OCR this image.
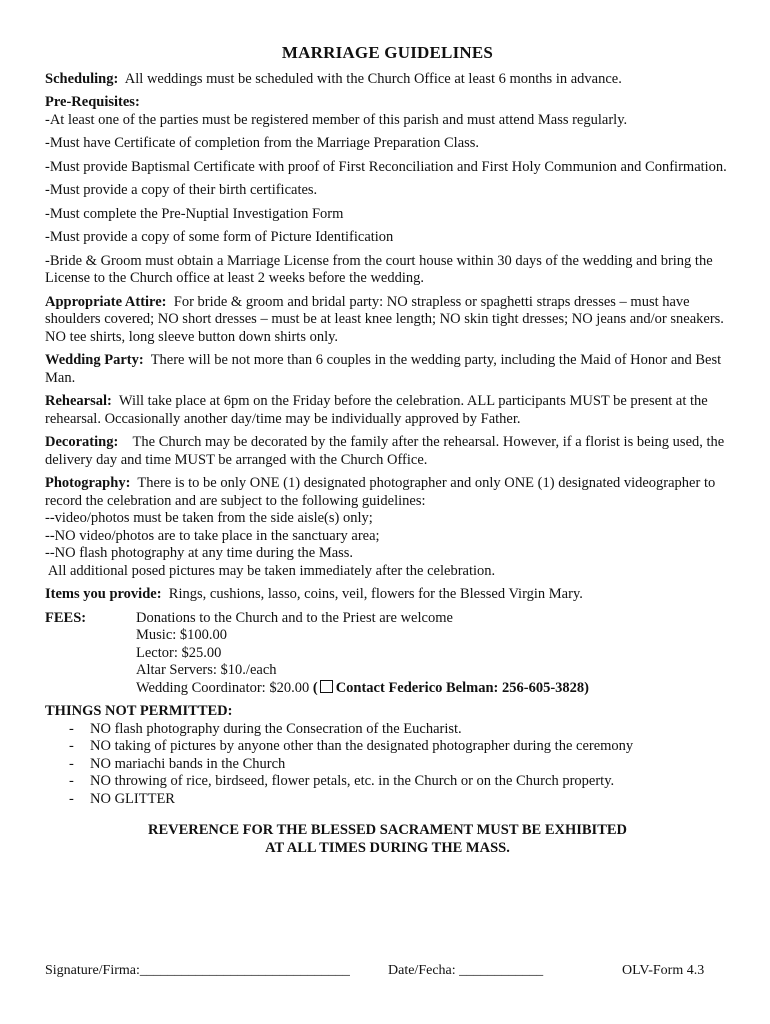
MARRIAGE GUIDELINES

Scheduling: All weddings must be scheduled with the Church Office at least 6 months in advance.

Pre-Requisites:
-At least one of the parties must be registered member of this parish and must attend Mass regularly.
-Must have Certificate of completion from the Marriage Preparation Class.
-Must provide Baptismal Certificate with proof of First Reconciliation and First Holy Communion and Confirmation.
-Must provide a copy of their birth certificates.
-Must complete the Pre-Nuptial Investigation Form
-Must provide a copy of some form of Picture Identification
-Bride & Groom must obtain a Marriage License from the court house within 30 days of the wedding and bring the License to the Church office at least 2 weeks before the wedding.

Appropriate Attire: For bride & groom and bridal party: NO strapless or spaghetti straps dresses – must have shoulders covered; NO short dresses – must be at least knee length; NO skin tight dresses; NO jeans and/or sneakers. NO tee shirts, long sleeve button down shirts only.

Wedding Party: There will be not more than 6 couples in the wedding party, including the Maid of Honor and Best Man.

Rehearsal: Will take place at 6pm on the Friday before the celebration. ALL participants MUST be present at the rehearsal. Occasionally another day/time may be individually approved by Father.

Decorating: The Church may be decorated by the family after the rehearsal. However, if a florist is being used, the delivery day and time MUST be arranged with the Church Office.

Photography: There is to be only ONE (1) designated photographer and only ONE (1) designated videographer to record the celebration and are subject to the following guidelines:
--video/photos must be taken from the side aisle(s) only;
--NO video/photos are to take place in the sanctuary area;
--NO flash photography at any time during the Mass.
All additional posed pictures may be taken immediately after the celebration.

Items you provide: Rings, cushions, lasso, coins, veil, flowers for the Blessed Virgin Mary.

FEES:	Donations to the Church and to the Priest are welcome
Music: $100.00
Lector: $25.00
Altar Servers: $10./each
Wedding Coordinator: $20.00 ( Contact Federico Belman: 256-605-3828)
THINGS NOT PERMITTED:
- NO flash photography during the Consecration of the Eucharist.
- NO taking of pictures by anyone other than the designated photographer during the ceremony
- NO mariachi bands in the Church
- NO throwing of rice, birdseed, flower petals, etc. in the Church or on the Church property.
- NO GLITTER
REVERENCE FOR THE BLESSED SACRAMENT MUST BE EXHIBITED
AT ALL TIMES DURING THE MASS.
Signature/Firma:______________________________	Date/Fecha: ____________	OLV-Form 4.3
